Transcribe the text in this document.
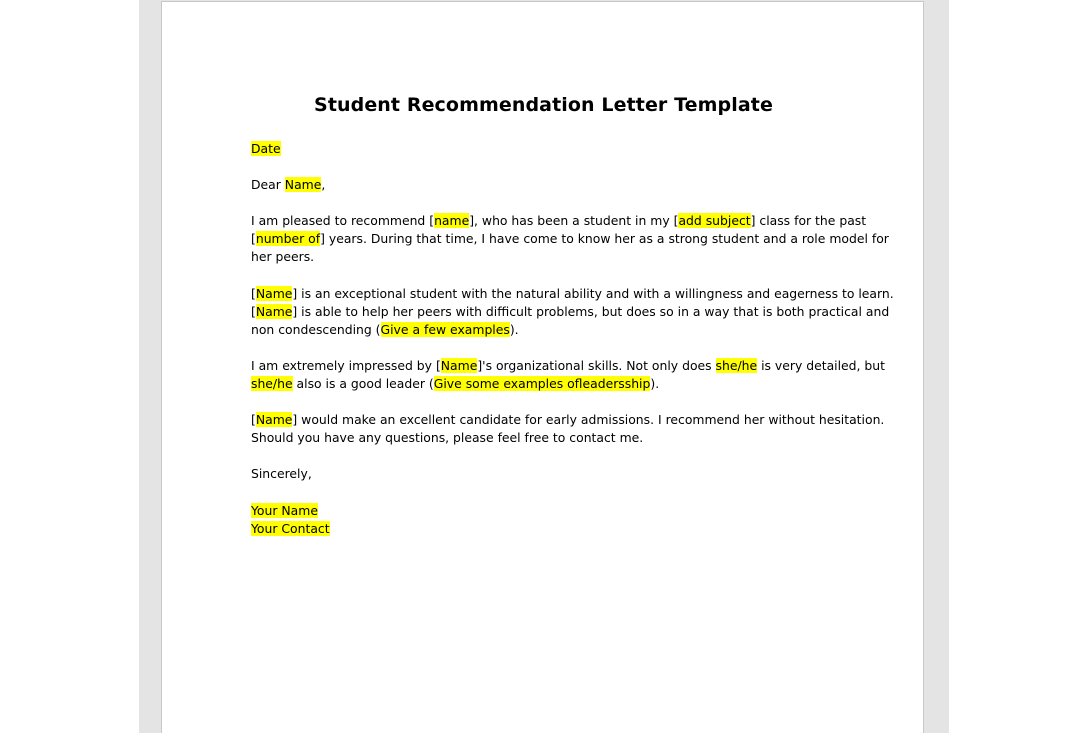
Student Recommendation Letter Template
Date
Dear Name,
I am pleased to recommend [name], who has been a student in my [add subject] class for the past
[number of] years. During that time, I have come to know her as a strong student and a role model for
her peers.
[Name] is an exceptional student with the natural ability and with a willingness and eagerness to learn.
[Name] is able to help her peers with difficult problems, but does so in a way that is both practical and
non condescending (Give a few examples).
I am extremely impressed by [Name]'s organizational skills. Not only does she/he is very detailed, but
she/he also is a good leader (Give some examples ofleadersship).
[Name] would make an excellent candidate for early admissions. I recommend her without hesitation.
Should you have any questions, please feel free to contact me.
Sincerely,
Your Name
Your Contact
